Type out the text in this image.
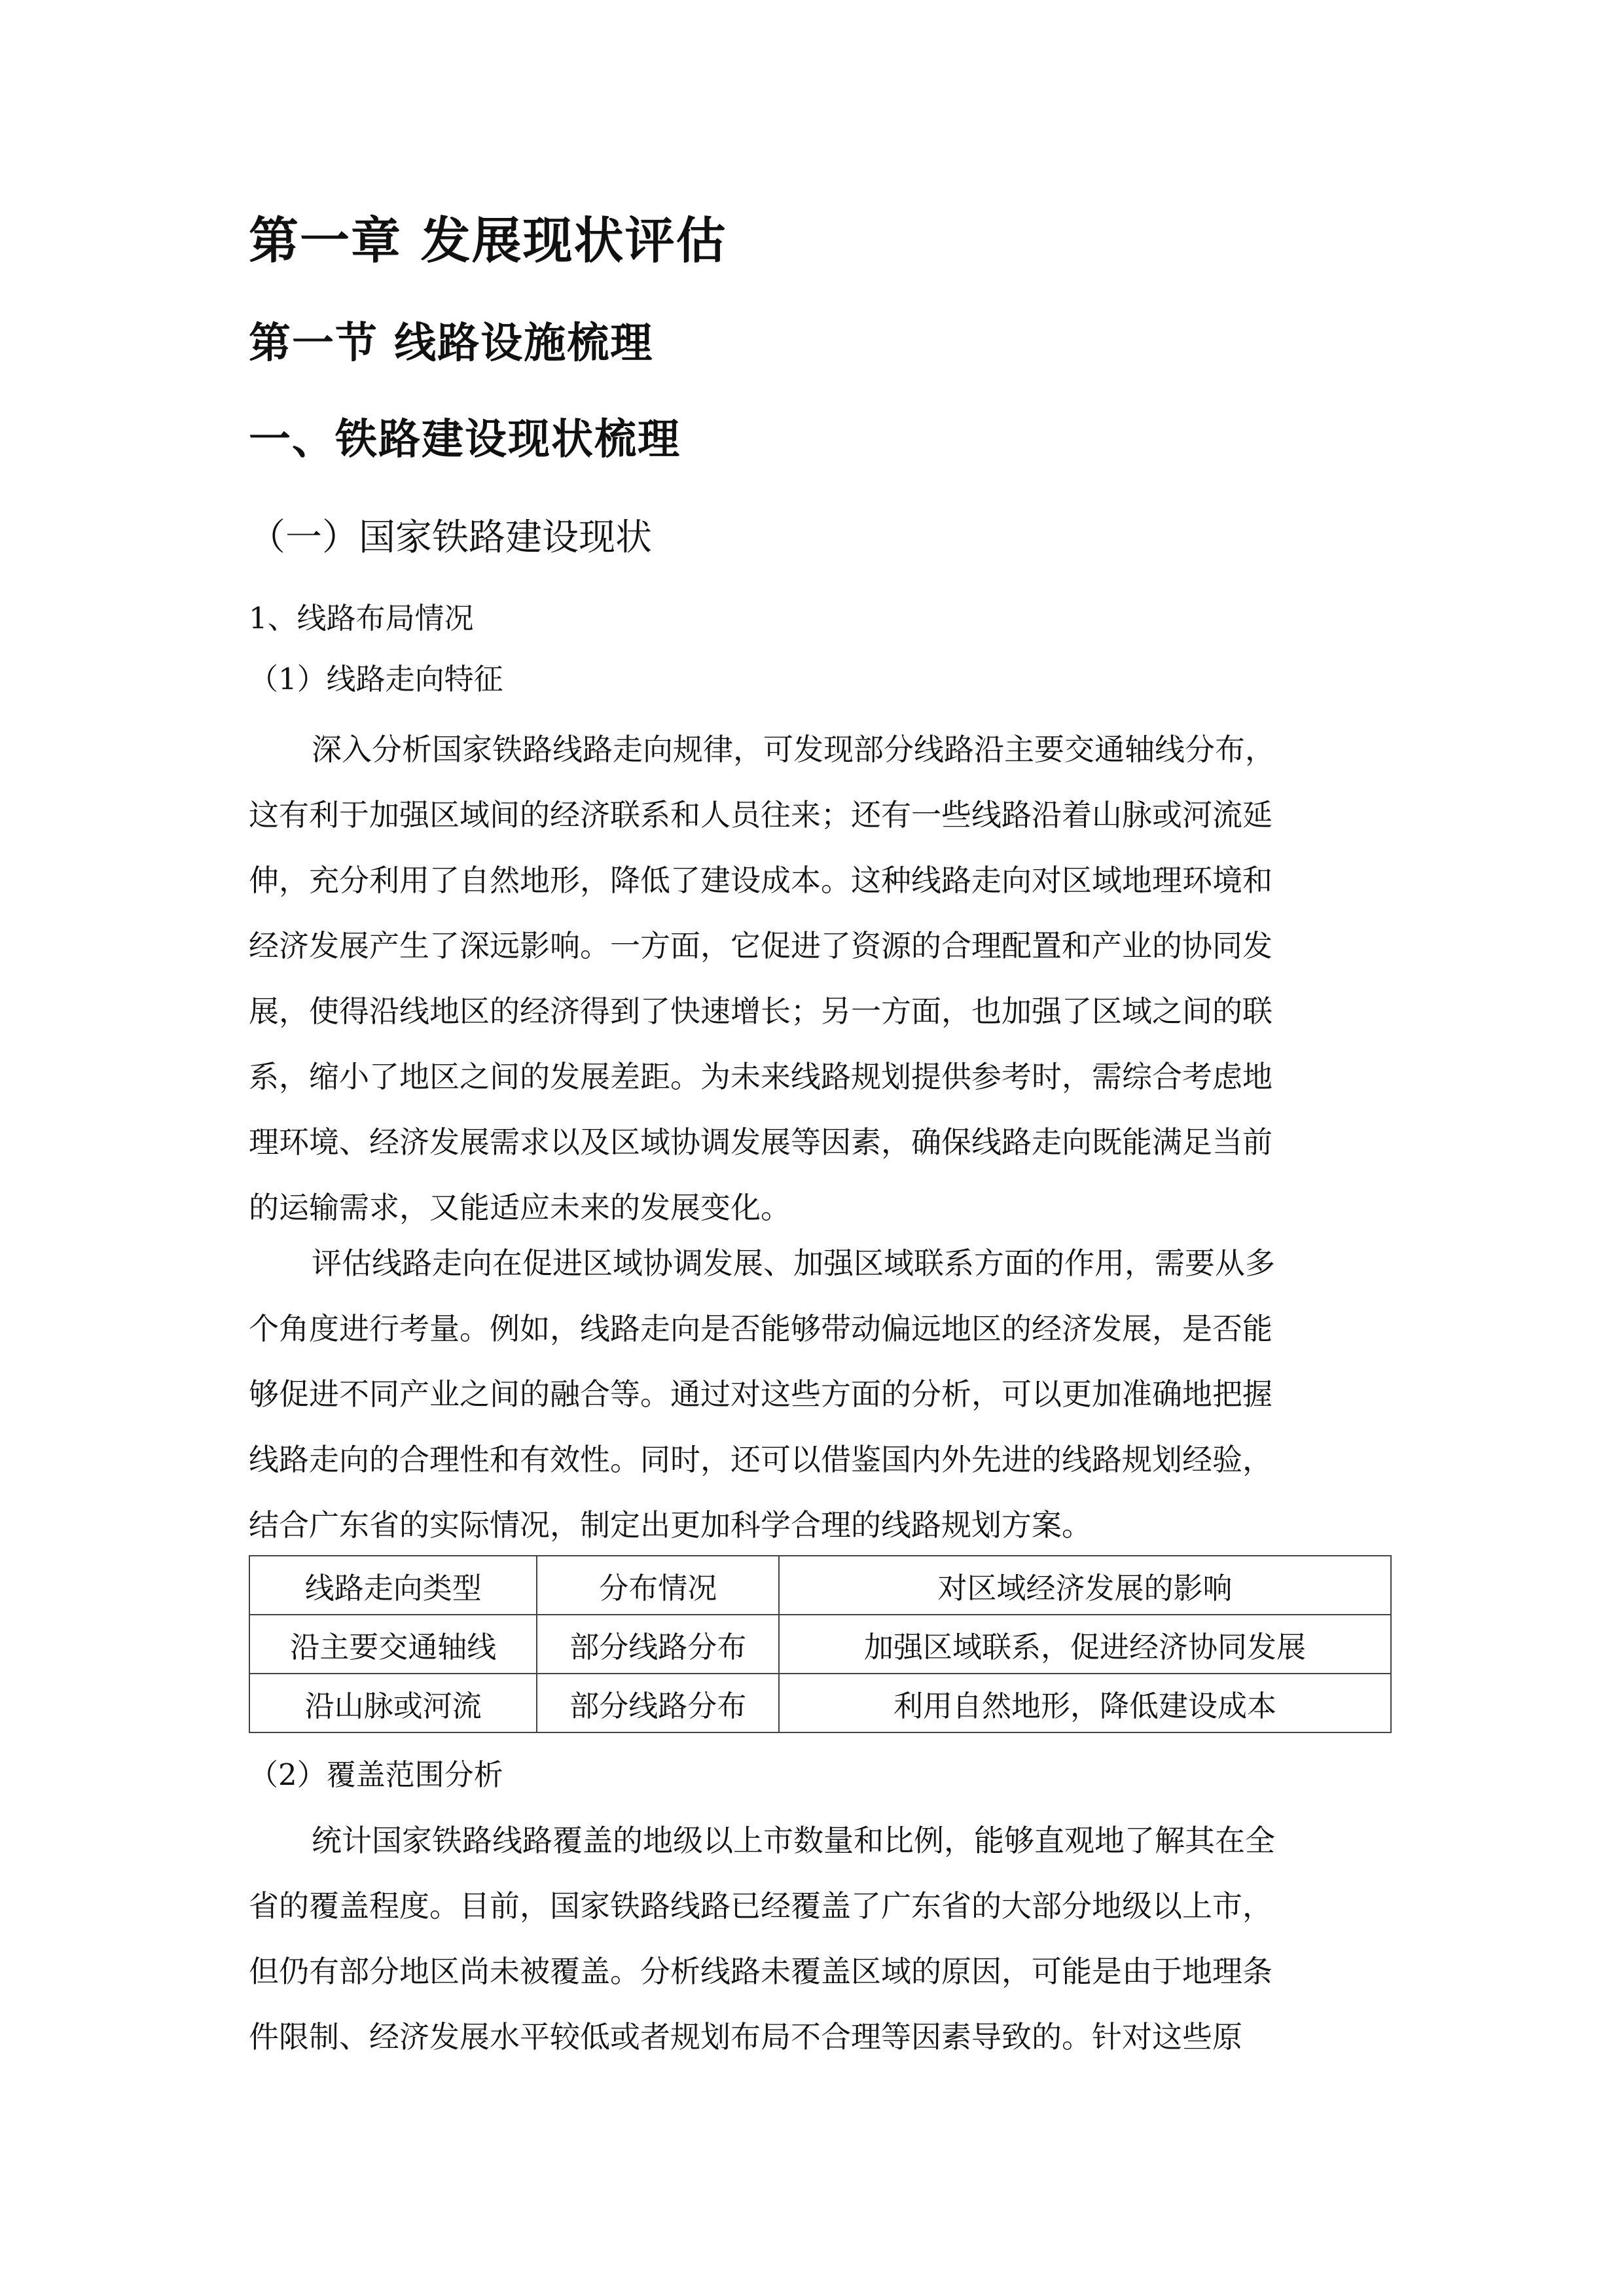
第一章 发展现状评估
第一节 线路设施梳理
一、铁路建设现状梳理
（一）国家铁路建设现状
1、线路布局情况
（1）线路走向特征
深入分析国家铁路线路走向规律，可发现部分线路沿主要交通轴线分布，
这有利于加强区域间的经济联系和人员往来；还有一些线路沿着山脉或河流延
伸，充分利用了自然地形，降低了建设成本。这种线路走向对区域地理环境和
经济发展产生了深远影响。一方面，它促进了资源的合理配置和产业的协同发
展，使得沿线地区的经济得到了快速增长；另一方面，也加强了区域之间的联
系，缩小了地区之间的发展差距。为未来线路规划提供参考时，需综合考虑地
理环境、经济发展需求以及区域协调发展等因素，确保线路走向既能满足当前
的运输需求，又能适应未来的发展变化。
评估线路走向在促进区域协调发展、加强区域联系方面的作用，需要从多
个角度进行考量。例如，线路走向是否能够带动偏远地区的经济发展，是否能
够促进不同产业之间的融合等。通过对这些方面的分析，可以更加准确地把握
线路走向的合理性和有效性。同时，还可以借鉴国内外先进的线路规划经验，
结合广东省的实际情况，制定出更加科学合理的线路规划方案。
线路走向类型	分布情况	对区域经济发展的影响
沿主要交通轴线	部分线路分布	加强区域联系，促进经济协同发展
沿山脉或河流	部分线路分布	利用自然地形，降低建设成本
（2）覆盖范围分析
统计国家铁路线路覆盖的地级以上市数量和比例，能够直观地了解其在全
省的覆盖程度。目前，国家铁路线路已经覆盖了广东省的大部分地级以上市，
但仍有部分地区尚未被覆盖。分析线路未覆盖区域的原因，可能是由于地理条
件限制、经济发展水平较低或者规划布局不合理等因素导致的。针对这些原
